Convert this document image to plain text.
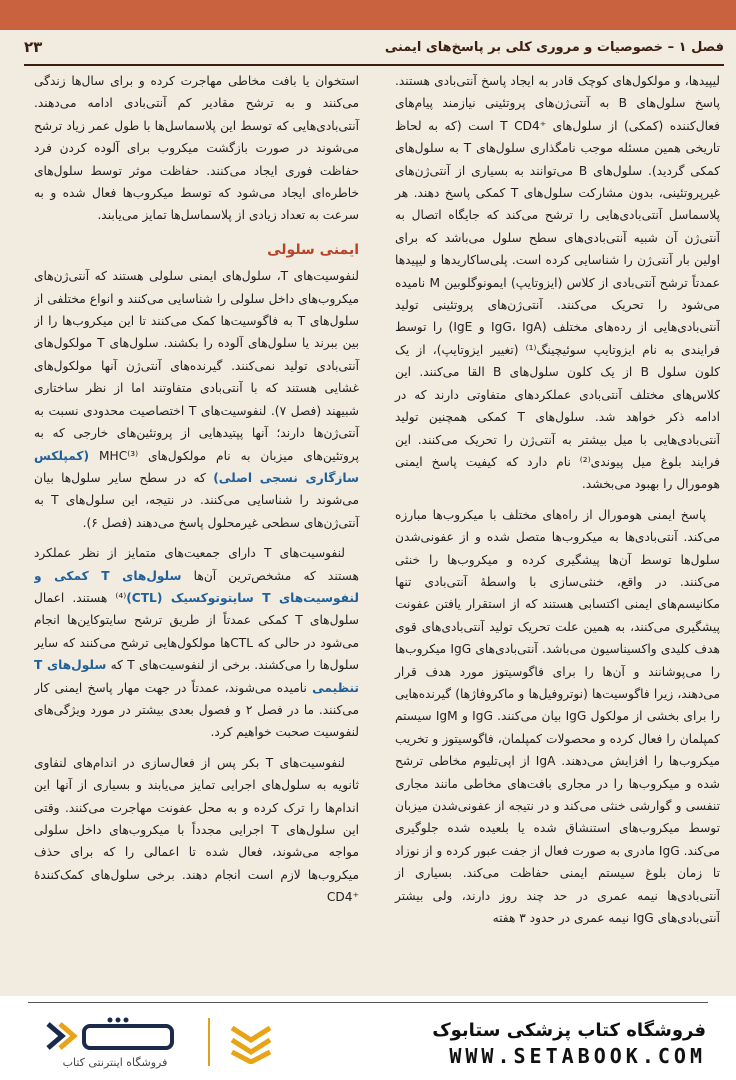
فصل ۱ – خصوصیات و مروری کلی بر پاسخ‌های ایمنی
۲۳

لیپیدها، و مولکول‌های کوچک قادر به ایجاد پاسخ آنتی‌بادی هستند. پاسخ سلول‌های B به آنتی‌ژن‌های پروتئینی نیازمند پیام‌های فعال‌کننده (کمکی) از سلول‌های ⁺T CD4 است (که به لحاظ تاریخی همین مسئله موجب نامگذاری سلول‌های T به سلول‌های کمکی گردید). سلول‌های B می‌توانند به بسیاری از آنتی‌ژن‌های غیرپروتئینی، بدون مشارکت سلول‌های T کمکی پاسخ دهند. هر پلاسماسل آنتی‌بادی‌هایی را ترشح می‌کند که جایگاه اتصال به آنتی‌ژن آن شبیه آنتی‌بادی‌های سطح سلول می‌باشد که برای اولین بار آنتی‌ژن را شناسایی کرده است. پلی‌ساکاریدها و لیپیدها عمدتاً ترشح آنتی‌بادی از کلاس (ایزوتایپ) ایمونوگلوبین M نامیده می‌شود را تحریک می‌کنند. آنتی‌ژن‌های پروتئینی تولید آنتی‌بادی‌هایی از رده‌های مختلف (IgG، IgA و IgE) را توسط فرایندی به نام ایزوتایپ سوئیچینگ⁽¹⁾ (تغییر ایزوتایپ)، از یک کلون سلول B از یک کلون سلول‌های B القا می‌کنند. این کلاس‌های مختلف آنتی‌بادی عملکردهای متفاوتی دارند که در ادامه ذکر خواهد شد. سلول‌های T کمکی همچنین تولید آنتی‌بادی‌هایی با میل بیشتر به آنتی‌ژن را تحریک می‌کنند. این فرایند بلوغ میل پیوندی⁽²⁾ نام دارد که کیفیت پاسخ ایمنی هومورال را بهبود می‌بخشد.

پاسخ ایمنی هومورال از راه‌های مختلف با میکروب‌ها مبارزه می‌کند. آنتی‌بادی‌ها به میکروب‌ها متصل شده و از عفونی‌شدن سلول‌ها توسط آن‌ها پیشگیری کرده و میکروب‌ها را خنثی می‌کنند. در واقع، خنثی‌سازی با واسطهٔ آنتی‌بادی تنها مکانیسم‌های ایمنی اکتسابی هستند که از استقرار یافتن عفونت پیشگیری می‌کنند، به همین علت تحریک تولید آنتی‌بادی‌های قوی هدف کلیدی واکسیناسیون می‌باشد. آنتی‌بادی‌های IgG میکروب‌ها را می‌پوشانند و آن‌ها را برای فاگوسیتوز مورد هدف قرار می‌دهند، زیرا فاگوسیت‌ها (نوتروفیل‌ها و ماکروفاژها) گیرنده‌هایی را برای بخشی از مولکول IgG بیان می‌کنند. IgG و IgM سیستم کمپلمان را فعال کرده و محصولات کمپلمان، فاگوسیتوز و تخریب میکروب‌ها را افزایش می‌دهند. IgA از اپی‌تلیوم مخاطی ترشح شده و میکروب‌ها را در مجاری بافت‌های مخاطی مانند مجاری تنفسی و گوارشی خنثی می‌کند و در نتیجه از عفونی‌شدن میزبان توسط میکروب‌های استنشاق شده یا بلعیده شده جلوگیری می‌کند. IgG مادری به صورت فعال از جفت عبور کرده و از نوزاد تا زمان بلوغ سیستم ایمنی حفاظت می‌کند. بسیاری از آنتی‌بادی‌ها نیمه عمری در حد چند روز دارند، ولی بیشتر آنتی‌بادی‌های IgG نیمه عمری در حدود ۳ هفته

استخوان یا بافت مخاطی مهاجرت کرده و برای سال‌ها زندگی می‌کنند و به ترشح مقادیر کم آنتی‌بادی ادامه می‌دهند. آنتی‌بادی‌هایی که توسط این پلاسماسل‌ها با طول عمر زیاد ترشح می‌شوند در صورت بازگشت میکروب برای آلوده کردن فرد حفاظت فوری ایجاد می‌کنند. حفاظت موثر توسط سلول‌های خاطره‌ای ایجاد می‌شود که توسط میکروب‌ها فعال شده و به سرعت به تعداد زیادی از پلاسماسل‌ها تمایز می‌یابند.

ایمنی سلولی

لنفوسیت‌های T، سلول‌های ایمنی سلولی هستند که آنتی‌ژن‌های میکروب‌های داخل سلولی را شناسایی می‌کنند و انواع مختلفی از سلول‌های T به فاگوسیت‌ها کمک می‌کنند تا این میکروب‌ها را از بین ببرند یا سلول‌های آلوده را بکشند. سلول‌های T مولکول‌های آنتی‌بادی تولید نمی‌کنند. گیرنده‌های آنتی‌ژن آنها مولکول‌های غشایی هستند که با آنتی‌بادی متفاوتند اما از نظر ساختاری شبیهند (فصل ۷). لنفوسیت‌های T اختصاصیت محدودی نسبت به آنتی‌ژن‌ها دارند؛ آنها پپتیدهایی از پروتئین‌های خارجی که به پروتئین‌های میزبان به نام مولکول‌های ⁽³⁾MHC (کمپلکس سازگاری نسجی اصلی) که در سطح سایر سلول‌ها بیان می‌شوند را شناسایی می‌کنند. در نتیجه، این سلول‌های T به آنتی‌ژن‌های سطحی غیرمحلول پاسخ می‌دهند (فصل ۶).

لنفوسیت‌های T دارای جمعیت‌های متمایز از نظر عملکرد هستند که مشخص‌ترین آن‌ها سلول‌های T کمکی و لنفوسیت‌های T سایتوتوکسیک (CTL)⁽⁴⁾ هستند. اعمال سلول‌های T کمکی عمدتاً از طریق ترشح سایتوکاین‌ها انجام می‌شود در حالی که CTLها مولکول‌هایی ترشح می‌کنند که سایر سلول‌ها را می‌کشند. برخی از لنفوسیت‌های T که سلول‌های T تنظیمی نامیده می‌شوند، عمدتاً در جهت مهار پاسخ ایمنی کار می‌کنند. ما در فصل ۲ و فصول بعدی بیشتر در مورد ویژگی‌های لنفوسیت صحبت خواهیم کرد.

لنفوسیت‌های T بکر پس از فعال‌سازی در اندام‌های لنفاوی ثانویه به سلول‌های اجرایی تمایز می‌یابند و بسیاری از آنها این اندام‌ها را ترک کرده و به محل عفونت مهاجرت می‌کنند. وقتی این سلول‌های T اجرایی مجدداً با میکروب‌های داخل سلولی مواجه می‌شوند، فعال شده تا اعمالی را که برای حذف میکروب‌ها لازم است انجام دهند. برخی سلول‌های کمک‌کنندهٔ ⁺CD4

فروشگاه اینترنتی کتاب
فروشگاه کتاب پزشکی ستابوک
WWW.SETABOOK.COM
